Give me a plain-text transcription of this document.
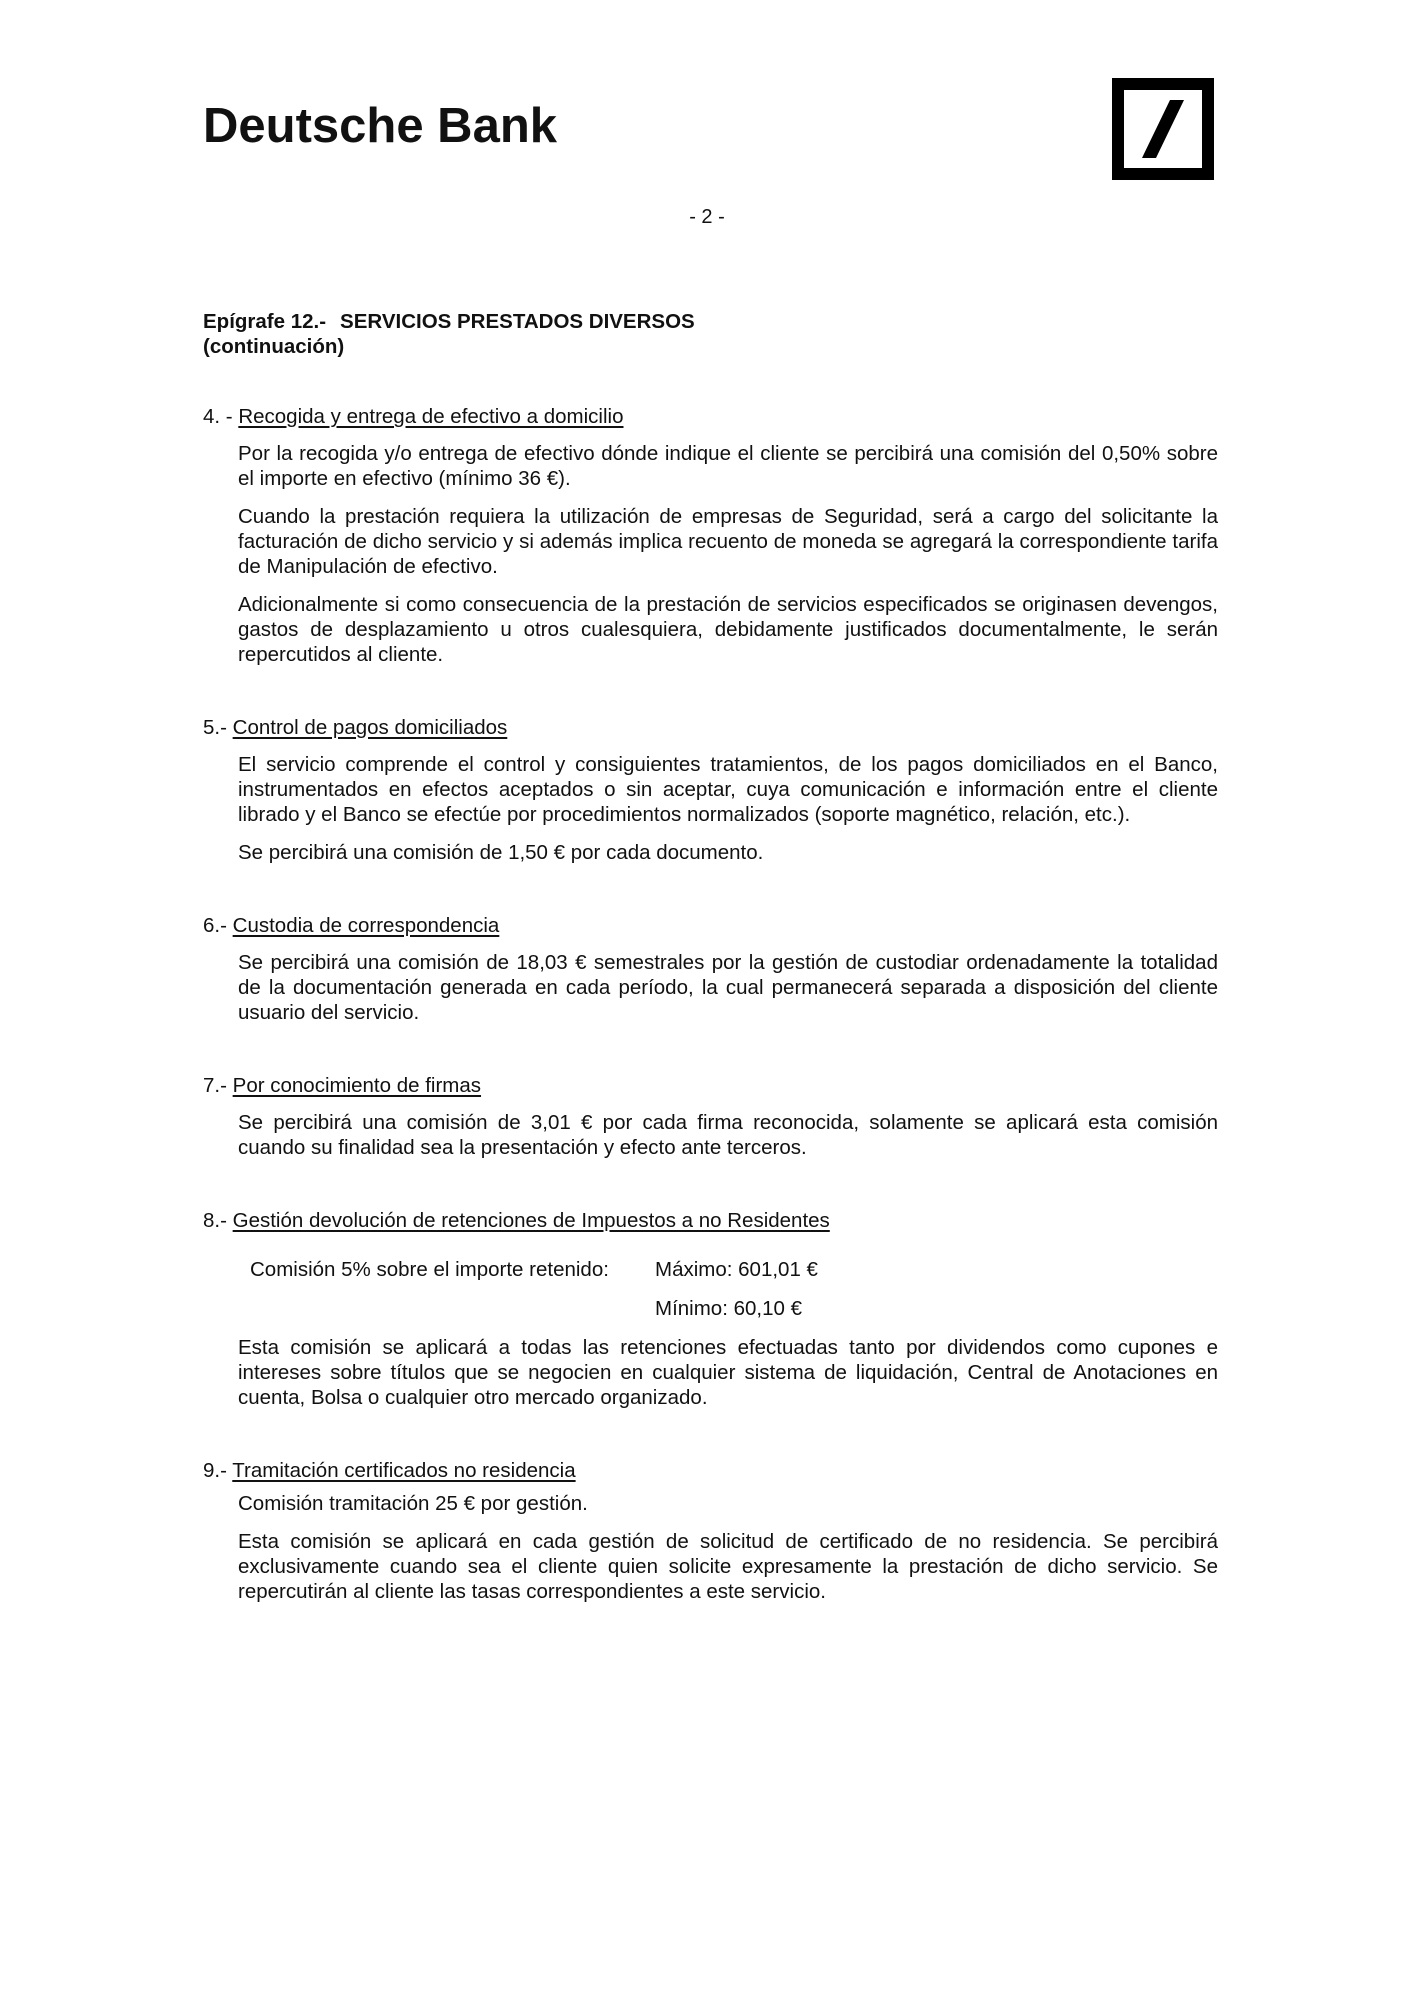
Deutsche Bank
- 2 -
Epígrafe 12.- SERVICIOS PRESTADOS DIVERSOS
(continuación)
4. - Recogida y entrega de efectivo a domicilio
Por la recogida y/o entrega de efectivo dónde indique el cliente se percibirá una comisión del 0,50% sobre el importe en efectivo (mínimo 36 €).
Cuando la prestación requiera la utilización de empresas de Seguridad, será a cargo del solicitante la facturación de dicho servicio y si además implica recuento de moneda se agregará la correspondiente tarifa de Manipulación de efectivo.
Adicionalmente si como consecuencia de la prestación de servicios especificados se originasen devengos, gastos de desplazamiento u otros cualesquiera, debidamente justificados documentalmente, le serán repercutidos al cliente.
5.- Control de pagos domiciliados
El servicio comprende el control y consiguientes tratamientos, de los pagos domiciliados en el Banco, instrumentados en efectos aceptados o sin aceptar, cuya comunicación e información entre el cliente librado y el Banco se efectúe por procedimientos normalizados (soporte magnético, relación, etc.).
Se percibirá una comisión de 1,50 € por cada documento.
6.- Custodia de correspondencia
Se percibirá una comisión de 18,03 € semestrales por la gestión de custodiar ordenadamente la totalidad de la documentación generada en cada período, la cual permanecerá separada a disposición del cliente usuario del servicio.
7.- Por conocimiento de firmas
Se percibirá una comisión de 3,01 € por cada firma reconocida, solamente se aplicará esta comisión cuando su finalidad sea la presentación y efecto ante terceros.
8.- Gestión devolución de retenciones de Impuestos a no Residentes
Comisión 5% sobre el importe retenido:	Máximo: 601,01 €
Mínimo: 60,10 €
Esta comisión se aplicará a todas las retenciones efectuadas tanto por dividendos como cupones e intereses sobre títulos que se negocien en cualquier sistema de liquidación, Central de Anotaciones en cuenta, Bolsa o cualquier otro mercado organizado.
9.- Tramitación certificados no residencia
Comisión tramitación 25 € por gestión.
Esta comisión se aplicará en cada gestión de solicitud de certificado de no residencia. Se percibirá exclusivamente cuando sea el cliente quien solicite expresamente la prestación de dicho servicio. Se repercutirán al cliente las tasas correspondientes a este servicio.
